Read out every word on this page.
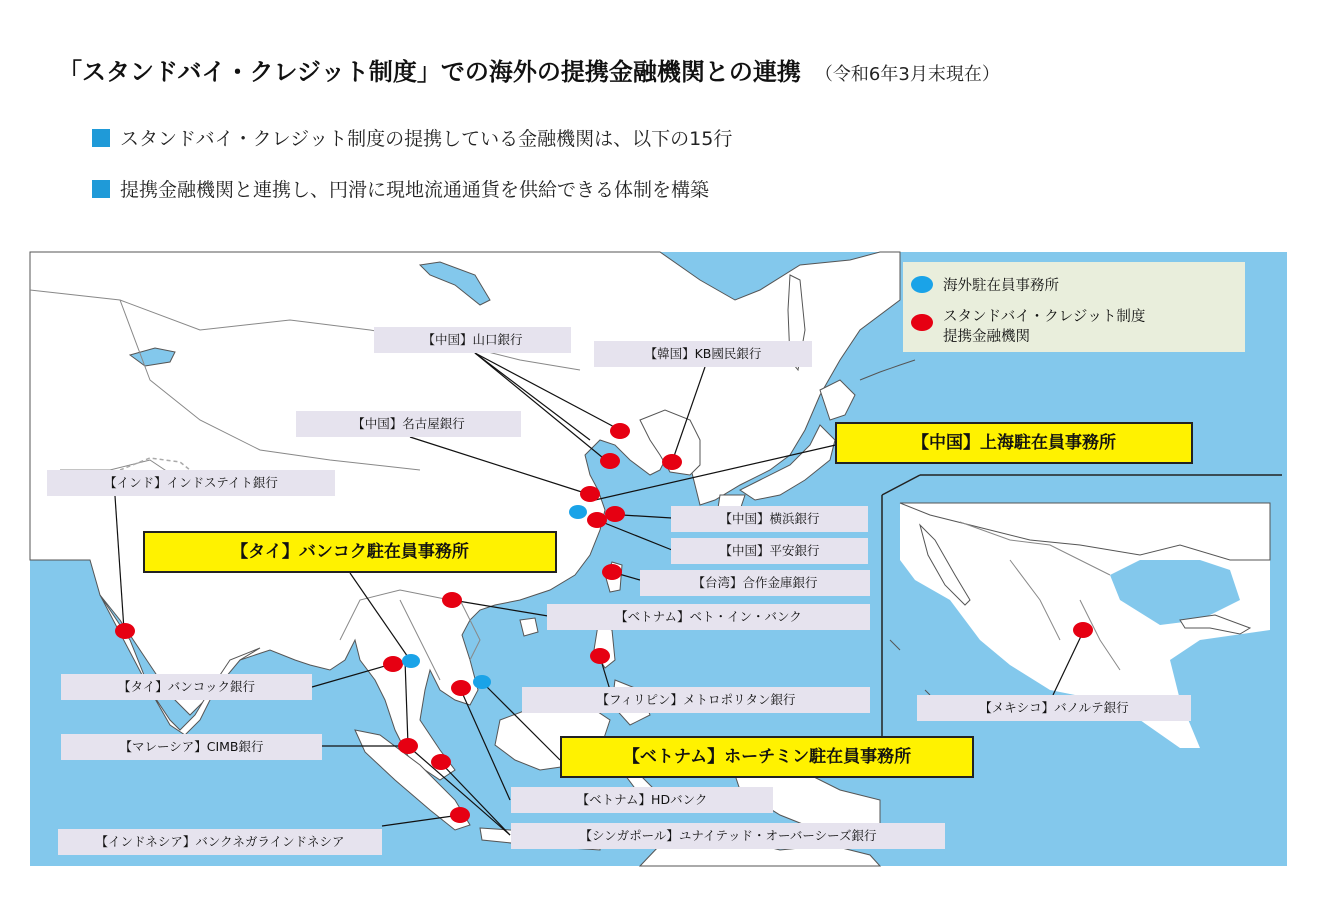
「スタンドバイ・クレジット制度」での海外の提携金融機関との連携 （令和6年3月末現在）
スタンドバイ・クレジット制度の提携している金融機関は、以下の15行
提携金融機関と連携し、円滑に現地流通通貨を供給できる体制を構築
海外駐在員事務所
スタンドバイ・クレジット制度
提携金融機関
【中国】上海駐在員事務所
【タイ】バンコク駐在員事務所
【ベトナム】ホーチミン駐在員事務所
【中国】山口銀行
【韓国】KB國民銀行
【中国】名古屋銀行
【インド】インドステイト銀行
【中国】横浜銀行
【中国】平安銀行
【台湾】合作金庫銀行
【ベトナム】ベト・イン・バンク
【フィリピン】メトロポリタン銀行
【タイ】バンコック銀行
【マレーシア】CIMB銀行
【ベトナム】HDバンク
【インドネシア】バンクネガラインドネシア	【シンガポール】ユナイテッド・オーバーシーズ銀行
【メキシコ】バノルテ銀行
